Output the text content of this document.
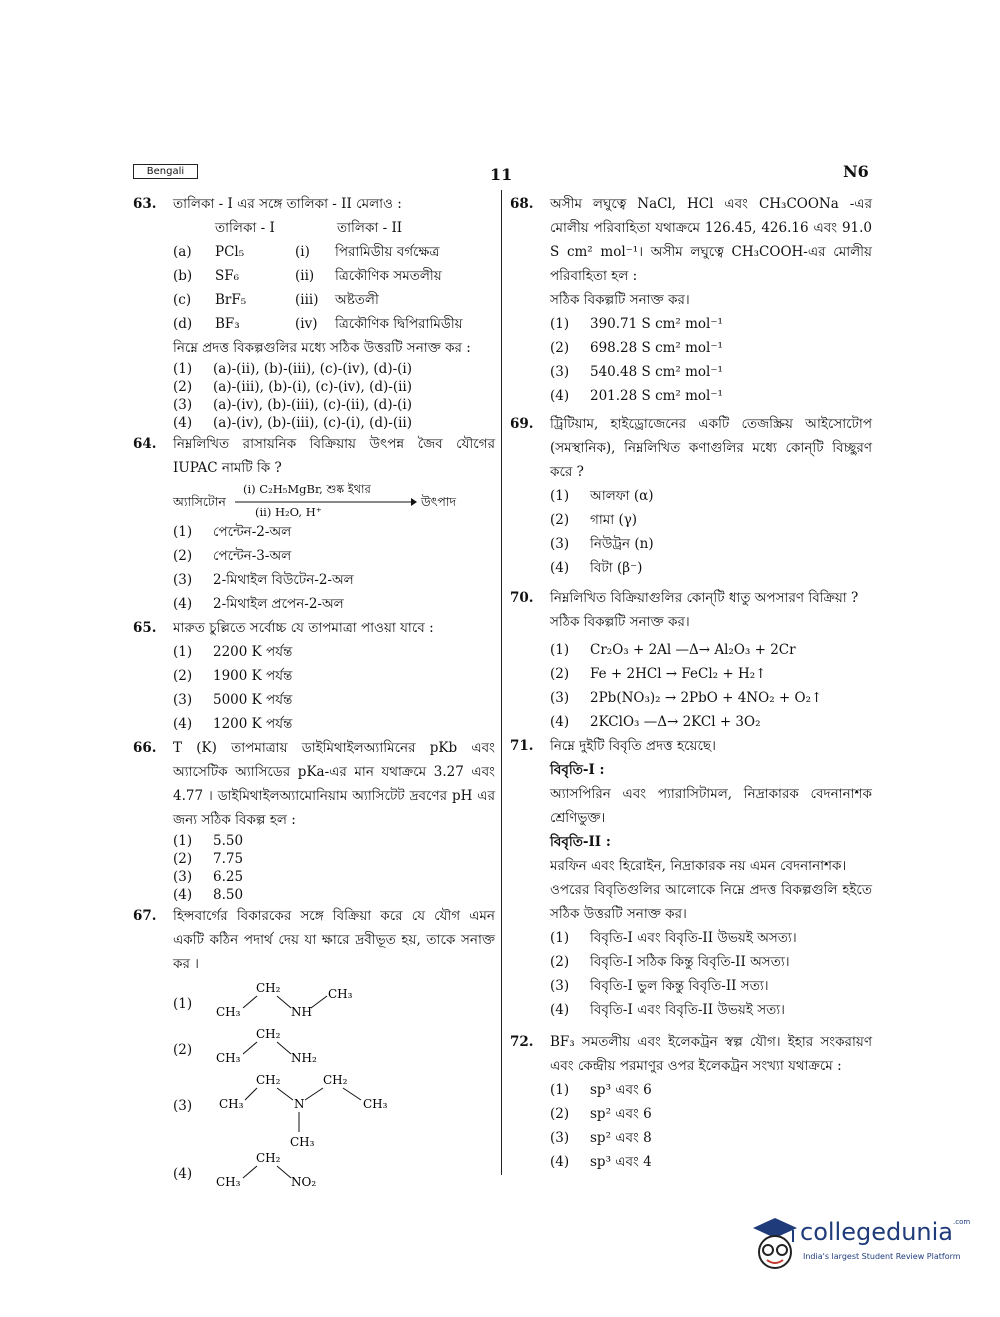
Bengali	11	N6
63. তালিকা - I এর সঙ্গে তালিকা - II মেলাও :
তালিকা - I	তালিকা - II
(a)	PCl₅	(i)	পিরামিডীয় বর্গক্ষেত্র
(b)	SF₆	(ii)	ত্রিকৌণিক সমতলীয়
(c)	BrF₅	(iii)	অষ্টতলী
(d)	BF₃	(iv)	ত্রিকৌণিক দ্বিপিরামিডীয়
নিম্নে প্রদত্ত বিকল্পগুলির মধ্যে সঠিক উত্তরটি সনাক্ত কর :
(1)	(a)-(ii), (b)-(iii), (c)-(iv), (d)-(i)
(2)	(a)-(iii), (b)-(i), (c)-(iv), (d)-(ii)
(3)	(a)-(iv), (b)-(iii), (c)-(ii), (d)-(i)
(4)	(a)-(iv), (b)-(iii), (c)-(i), (d)-(ii)
64. নিম্নলিখিত রাসায়নিক বিক্রিয়ায় উৎপন্ন জৈব যৌগের IUPAC নামটি কি ?
অ্যাসিটোন
(i) C₂H₅MgBr, শুষ্ক ইথার
(ii) H₂O, H⁺
উৎপাদ
(1)	পেন্টেন-2-অল
(2)	পেন্টেন-3-অল
(3)	2-মিথাইল বিউটেন-2-অল
(4)	2-মিথাইল প্রপেন-2-অল
65. মারুত চুল্লিতে সর্বোচ্চ যে তাপমাত্রা পাওয়া যাবে :
(1)	2200 K পর্যন্ত
(2)	1900 K পর্যন্ত
(3)	5000 K পর্যন্ত
(4)	1200 K পর্যন্ত
66. T (K) তাপমাত্রায় ডাইমিথাইলঅ্যামিনের pKb এবং অ্যাসেটিক অ্যাসিডের pKa-এর মান যথাক্রমে 3.27 এবং 4.77 । ডাইমিথাইলঅ্যামোনিয়াম অ্যাসিটেট দ্রবণের pH এর জন্য সঠিক বিকল্প হল :
(1)	5.50
(2)	7.75
(3)	6.25
(4)	8.50
67. হিন্সবার্গের বিকারকের সঙ্গে বিক্রিয়া করে যে যৌগ এমন একটি কঠিন পদার্থ দেয় যা ক্ষারে দ্রবীভূত হয়, তাকে সনাক্ত কর ।
(1)
CH₂
CH₃	NH
CH₃
(2)
CH₂
CH₃	NH₂
(3)
CH₂	CH₂
CH₃	N	CH₃
CH₃
(4)
CH₂
CH₃	NO₂
68. অসীম লঘুত্বে NaCl, HCl এবং CH₃COONa -এর মোলীয় পরিবাহিতা যথাক্রমে 126.45, 426.16 এবং 91.0 S cm² mol⁻¹। অসীম লঘুত্বে CH₃COOH-এর মোলীয় পরিবাহিতা হল :
সঠিক বিকল্পটি সনাক্ত কর।
(1)	390.71 S cm² mol⁻¹
(2)	698.28 S cm² mol⁻¹
(3)	540.48 S cm² mol⁻¹
(4)	201.28 S cm² mol⁻¹
69. ট্রিটিয়াম, হাইড্রোজেনের একটি তেজস্ক্রিয় আইসোটোপ (সমস্থানিক), নিম্নলিখিত কণাগুলির মধ্যে কোন্‌টি বিচ্ছুরণ করে ?
(1)	আলফা (α)
(2)	গামা (γ)
(3)	নিউট্রন (n)
(4)	বিটা (β⁻)
70. নিম্নলিখিত বিক্রিয়াগুলির কোন্‌টি ধাতু অপসারণ বিক্রিয়া ?
সঠিক বিকল্পটি সনাক্ত কর।
(1)	Cr₂O₃ + 2Al —Δ→ Al₂O₃ + 2Cr
(2)	Fe + 2HCl → FeCl₂ + H₂↑
(3)	2Pb(NO₃)₂ → 2PbO + 4NO₂ + O₂↑
(4)	2KClO₃ —Δ→ 2KCl + 3O₂
71. নিম্নে দুইটি বিবৃতি প্রদত্ত হয়েছে।
বিবৃতি-I :
অ্যাসপিরিন এবং প্যারাসিটামল, নিদ্রাকারক বেদনানাশক শ্রেণিভুক্ত।
বিবৃতি-II :
মরফিন এবং হিরোইন, নিদ্রাকারক নয় এমন বেদনানাশক।
ওপরের বিবৃতিগুলির আলোকে নিম্নে প্রদত্ত বিকল্পগুলি হইতে সঠিক উত্তরটি সনাক্ত কর।
(1)	বিবৃতি-I এবং বিবৃতি-II উভয়ই অসত্য।
(2)	বিবৃতি-I সঠিক কিন্তু বিবৃতি-II অসত্য।
(3)	বিবৃতি-I ভুল কিন্তু বিবৃতি-II সত্য।
(4)	বিবৃতি-I এবং বিবৃতি-II উভয়ই সত্য।
72. BF₃ সমতলীয় এবং ইলেকট্রন স্বল্প যৌগ। ইহার সংকরায়ণ এবং কেন্দ্রীয় পরমাণুর ওপর ইলেকট্রন সংখ্যা যথাক্রমে :
(1)	sp³ এবং 6
(2)	sp² এবং 6
(3)	sp² এবং 8
(4)	sp³ এবং 4
collegedunia$^{.com}$
India's largest Student Review Platform
